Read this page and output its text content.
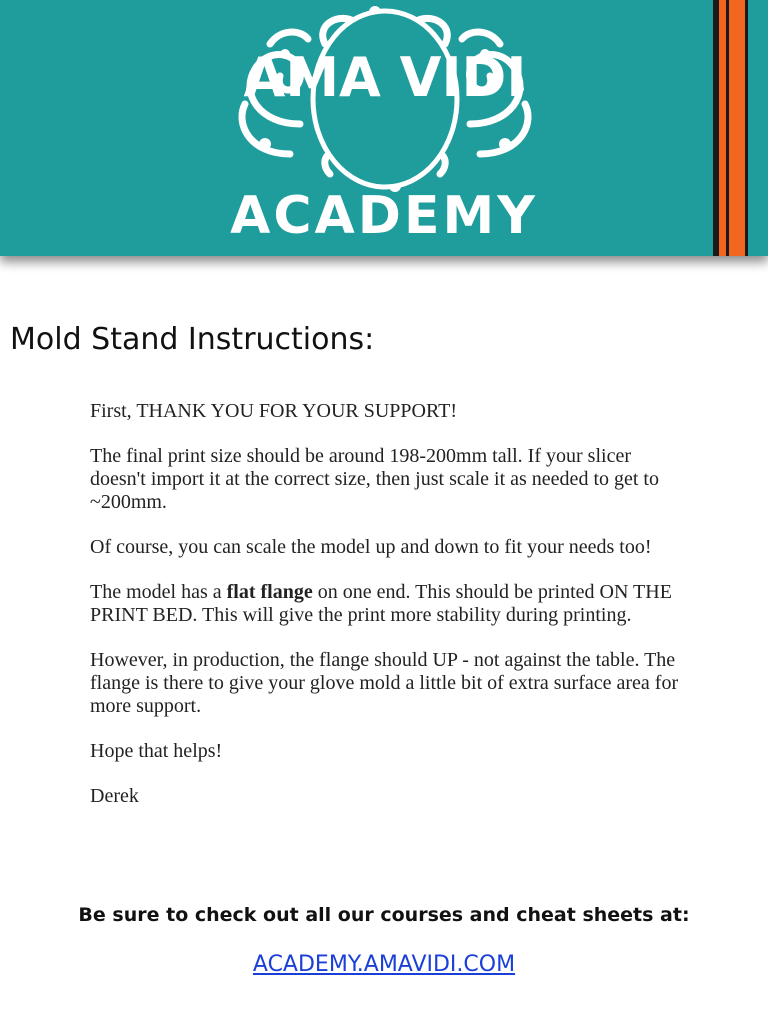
AMA VIDI
ACADEMY
Mold Stand Instructions:

First, THANK YOU FOR YOUR SUPPORT!

The final print size should be around 198-200mm tall. If your slicer doesn't import it at the correct size, then just scale it as needed to get to ~200mm.

Of course, you can scale the model up and down to fit your needs too!

The model has a flat flange on one end. This should be printed ON THE PRINT BED. This will give the print more stability during printing.

However, in production, the flange should UP - not against the table. The flange is there to give your glove mold a little bit of extra surface area for more support.

Hope that helps!

Derek

Be sure to check out all our courses and cheat sheets at:
ACADEMY.AMAVIDI.COM
